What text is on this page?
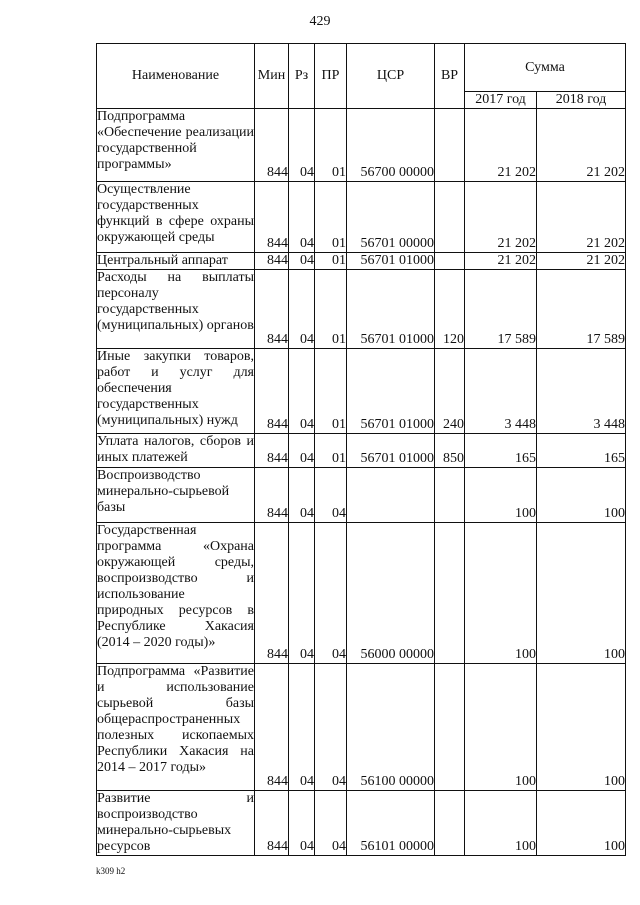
429
Наименование	Мин	Рз	ПР	ЦСР	ВР	Сумма	
						2017 год	2018 год
Подпрограмма «Обеспечение реализации государственной программы»	844	04	01	56700 00000		21 202	21 202
Осуществление государственных функций в сфере охраны окружающей среды	844	04	01	56701 00000		21 202	21 202
Центральный аппарат	844	04	01	56701 01000		21 202	21 202
Расходы на выплаты персоналу государственных (муниципальных) органов	844	04	01	56701 01000	120	17 589	17 589
Иные закупки товаров, работ и услуг для обеспечения государственных (муниципальных) нужд	844	04	01	56701 01000	240	3 448	3 448
Уплата налогов, сборов и иных платежей	844	04	01	56701 01000	850	165	165
Воспроизводство минерально-сырьевой базы	844	04	04			100	100
Государственная программа «Охрана окружающей среды, воспроизводство и использование природных ресурсов в Республике Хакасия (2014 – 2020 годы)»	844	04	04	56000 00000		100	100
Подпрограмма «Развитие и использование сырьевой базы общераспространенных полезных ископаемых Республики Хакасия на 2014 – 2017 годы»	844	04	04	56100 00000		100	100
Развитие и воспроизводство минерально-сырьевых ресурсов	844	04	04	56101 00000		100	100
k309 h2
